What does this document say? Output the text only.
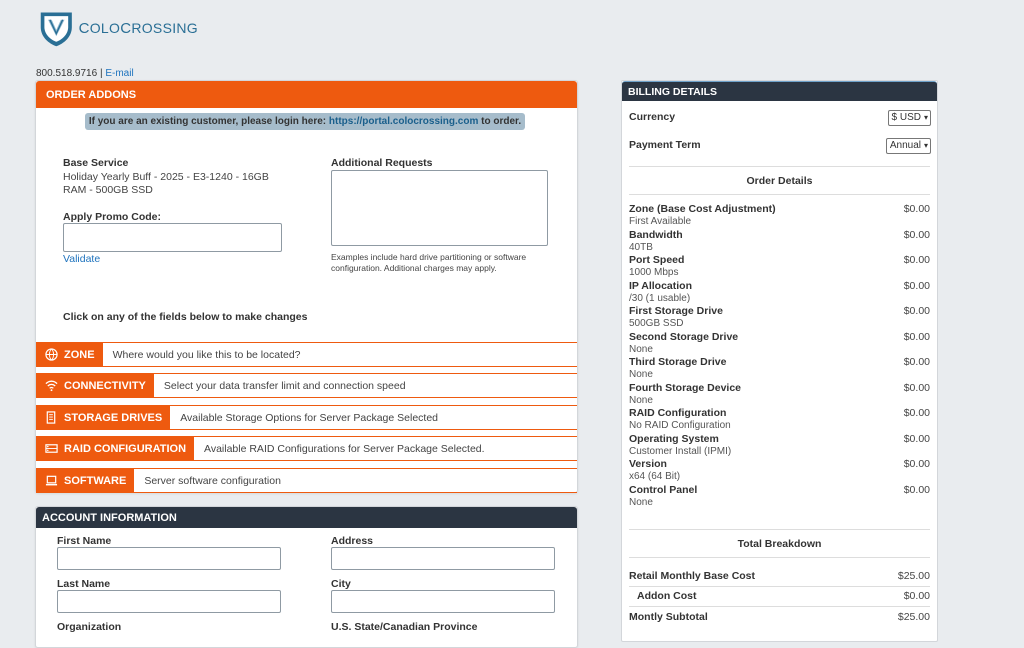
COLOCROSSING
800.518.9716 | E-mail
ORDER ADDONS
If you are an existing customer, please login here: https://portal.colocrossing.com to order.
Base Service
Holiday Yearly Buff - 2025 - E3-1240 - 16GB RAM - 500GB SSD
Apply Promo Code:
Validate
Additional Requests
Examples include hard drive partitioning or software configuration. Additional charges may apply.
Click on any of the fields below to make changes
ZONE Where would you like this to be located?
CONNECTIVITY Select your data transfer limit and connection speed
STORAGE DRIVES Available Storage Options for Server Package Selected
RAID CONFIGURATION Available RAID Configurations for Server Package Selected.
SOFTWARE Server software configuration
ACCOUNT INFORMATION
First Name
Last Name
Organization
Address
City
U.S. State/Canadian Province
BILLING DETAILS
Currency	$ USD ▾
Payment Term	Annual ▾
Order Details
Zone (Base Cost Adjustment)
First Available
$0.00
Bandwidth
40TB
$0.00
Port Speed
1000 Mbps
$0.00
IP Allocation
/30 (1 usable)
$0.00
First Storage Drive
500GB SSD
$0.00
Second Storage Drive
None
$0.00
Third Storage Drive
None
$0.00
Fourth Storage Device
None
$0.00
RAID Configuration
No RAID Configuration
$0.00
Operating System
Customer Install (IPMI)
$0.00
Version
x64 (64 Bit)
$0.00
Control Panel
None
$0.00
Total Breakdown
Retail Monthly Base Cost	$25.00
Addon Cost	$0.00
Montly Subtotal	$25.00
